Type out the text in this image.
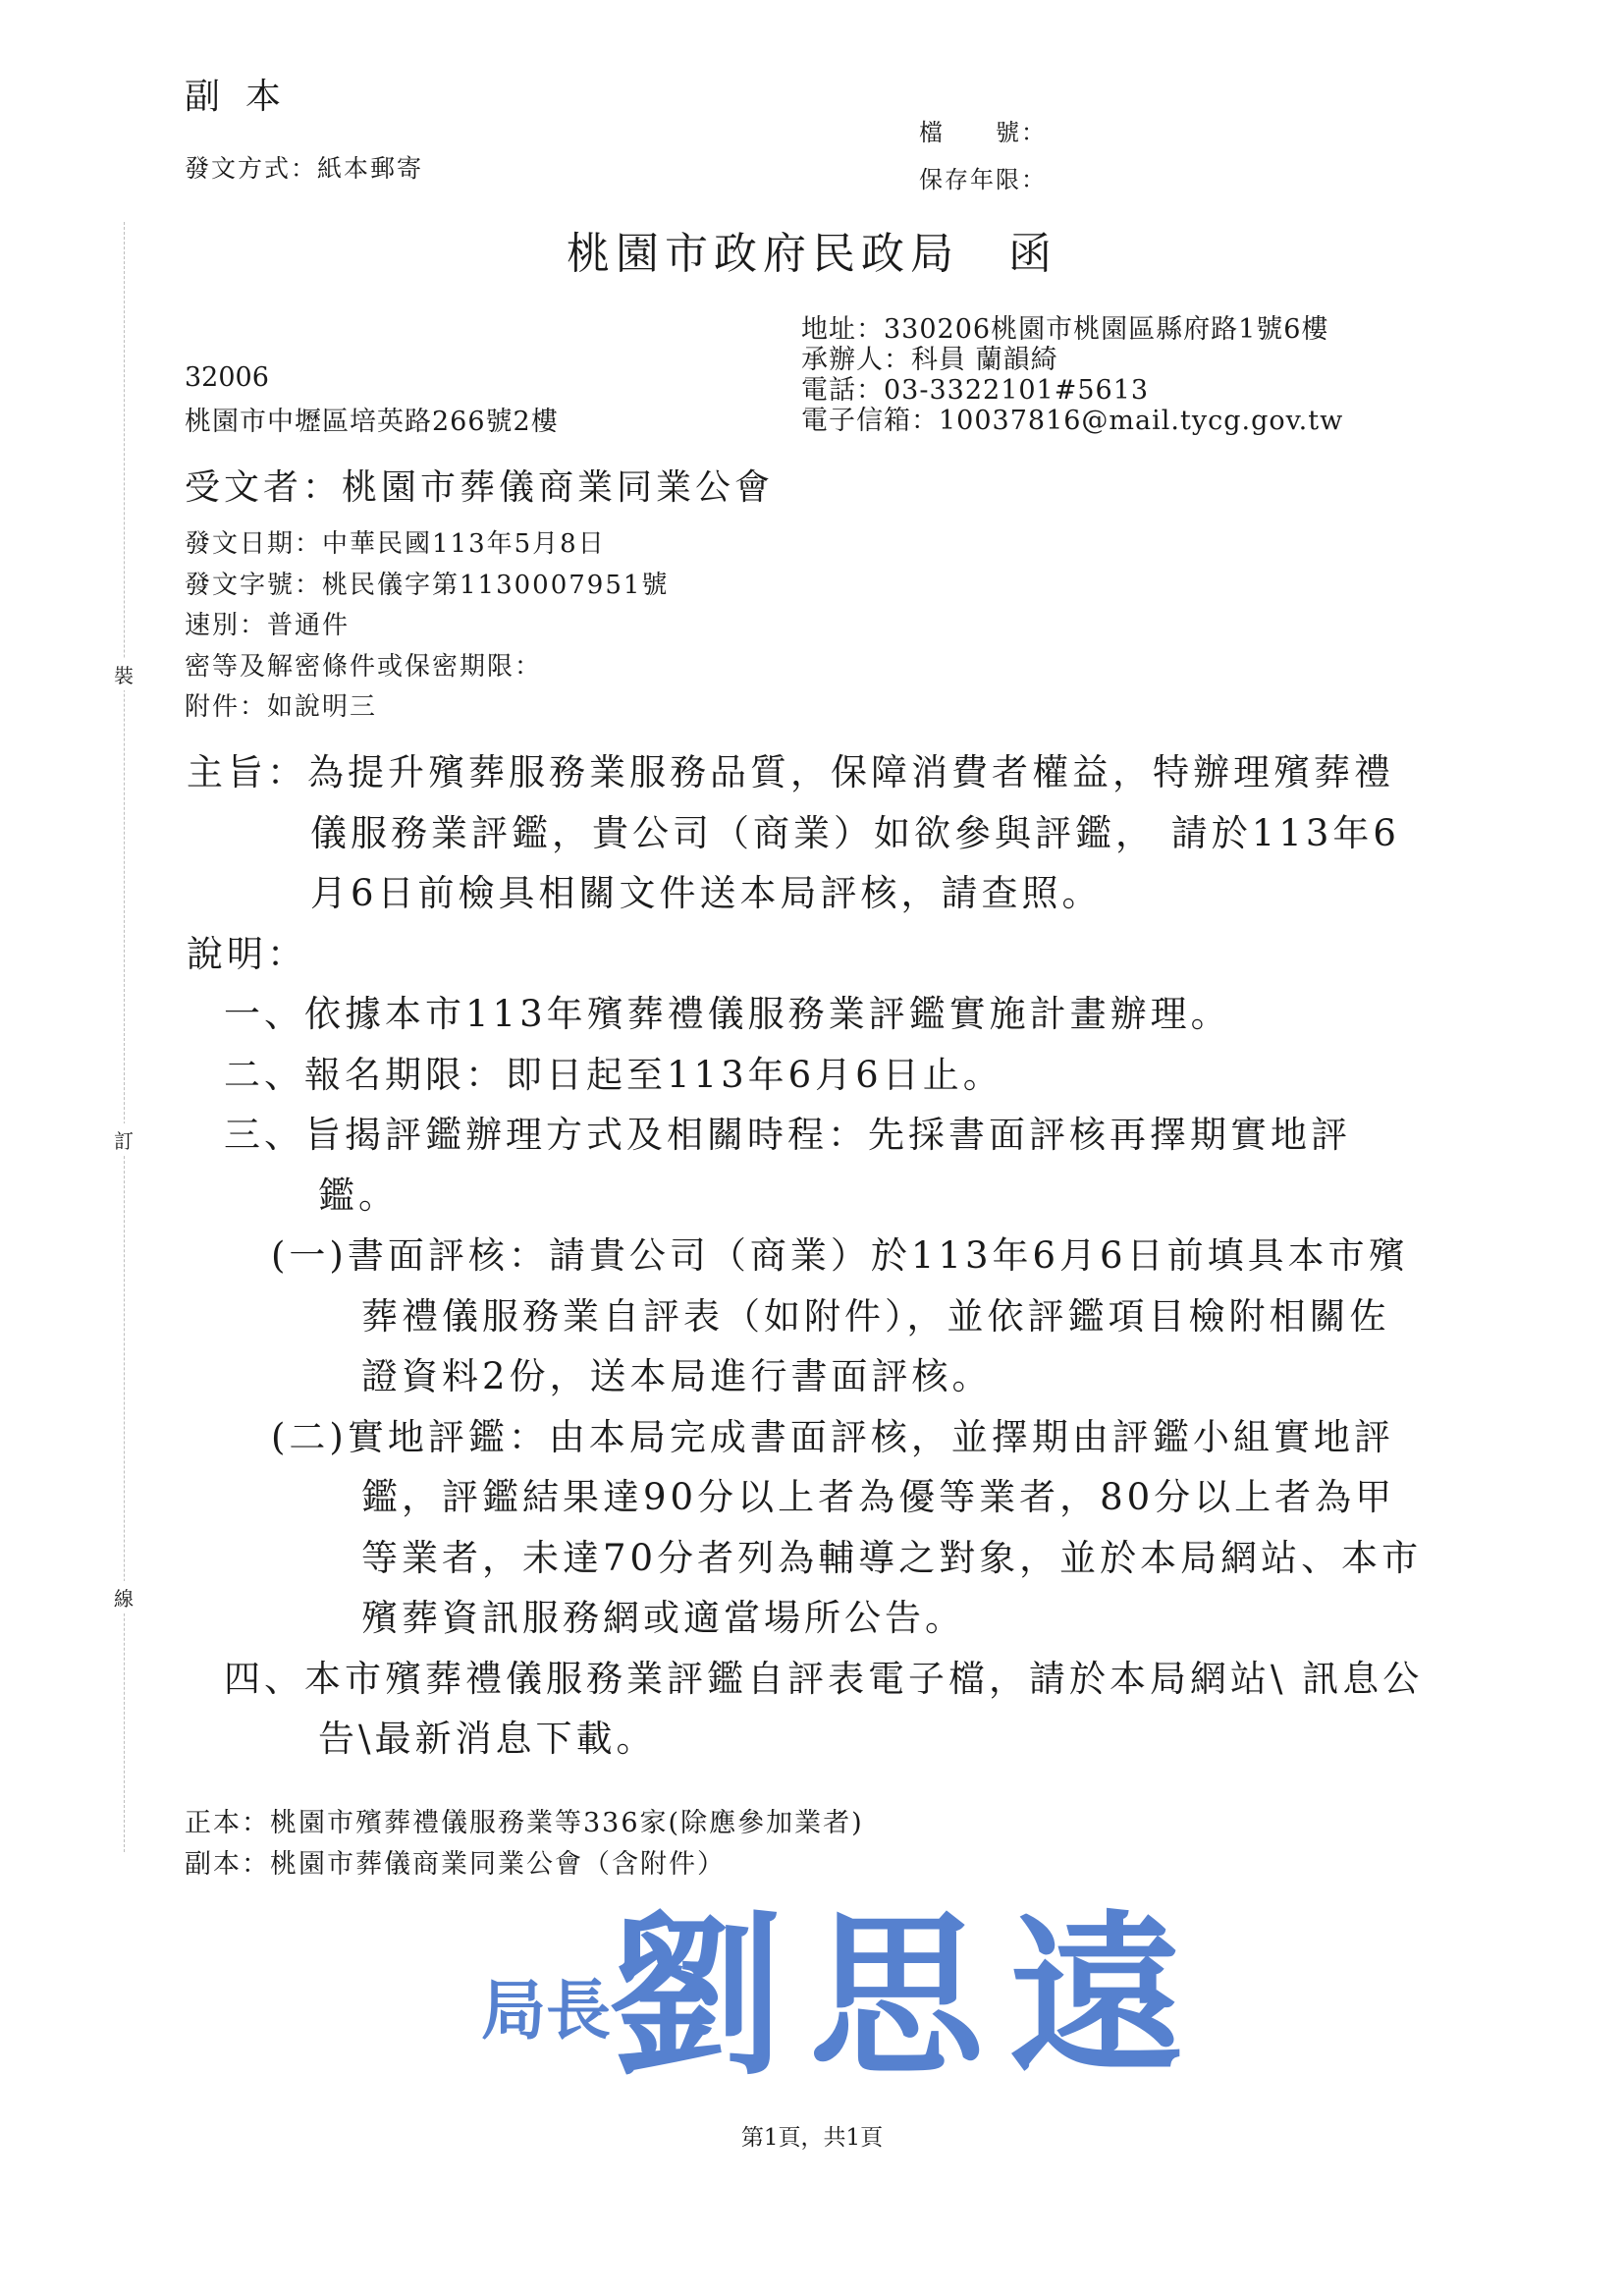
副本
發文方式：紙本郵寄
檔　　號：
保存年限：
桃園市政府民政局　函
地址：330206桃園市桃園區縣府路1號6樓
承辦人：科員 蘭韻綺
電話：03-3322101#5613
電子信箱：10037816@mail.tycg.gov.tw
32006
桃園市中壢區培英路266號2樓
受文者：桃園市葬儀商業同業公會
發文日期：中華民國113年5月8日
發文字號：桃民儀字第1130007951號
速別：普通件
密等及解密條件或保密期限：
附件：如說明三
裝
訂
線
主旨：為提升殯葬服務業服務品質，保障消費者權益，特辦理殯葬禮儀服務業評鑑，貴公司（商業）如欲參與評鑑， 請於113年6月6日前檢具相關文件送本局評核，請查照。
說明：
一、依據本市113年殯葬禮儀服務業評鑑實施計畫辦理。
二、報名期限：即日起至113年6月6日止。
三、旨揭評鑑辦理方式及相關時程：先採書面評核再擇期實地評鑑。
(一)書面評核：請貴公司（商業）於113年6月6日前填具本市殯葬禮儀服務業自評表（如附件），並依評鑑項目檢附相關佐證資料2份，送本局進行書面評核。
(二)實地評鑑：由本局完成書面評核，並擇期由評鑑小組實地評鑑，評鑑結果達90分以上者為優等業者，80分以上者為甲等業者，未達70分者列為輔導之對象，並於本局網站、本市殯葬資訊服務網或適當場所公告。
四、本市殯葬禮儀服務業評鑑自評表電子檔，請於本局網站\ 訊息公告\最新消息下載。
正本：桃園市殯葬禮儀服務業等336家(除應參加業者)
副本：桃園市葬儀商業同業公會（含附件）
局長
劉思遠
第1頁，共1頁
